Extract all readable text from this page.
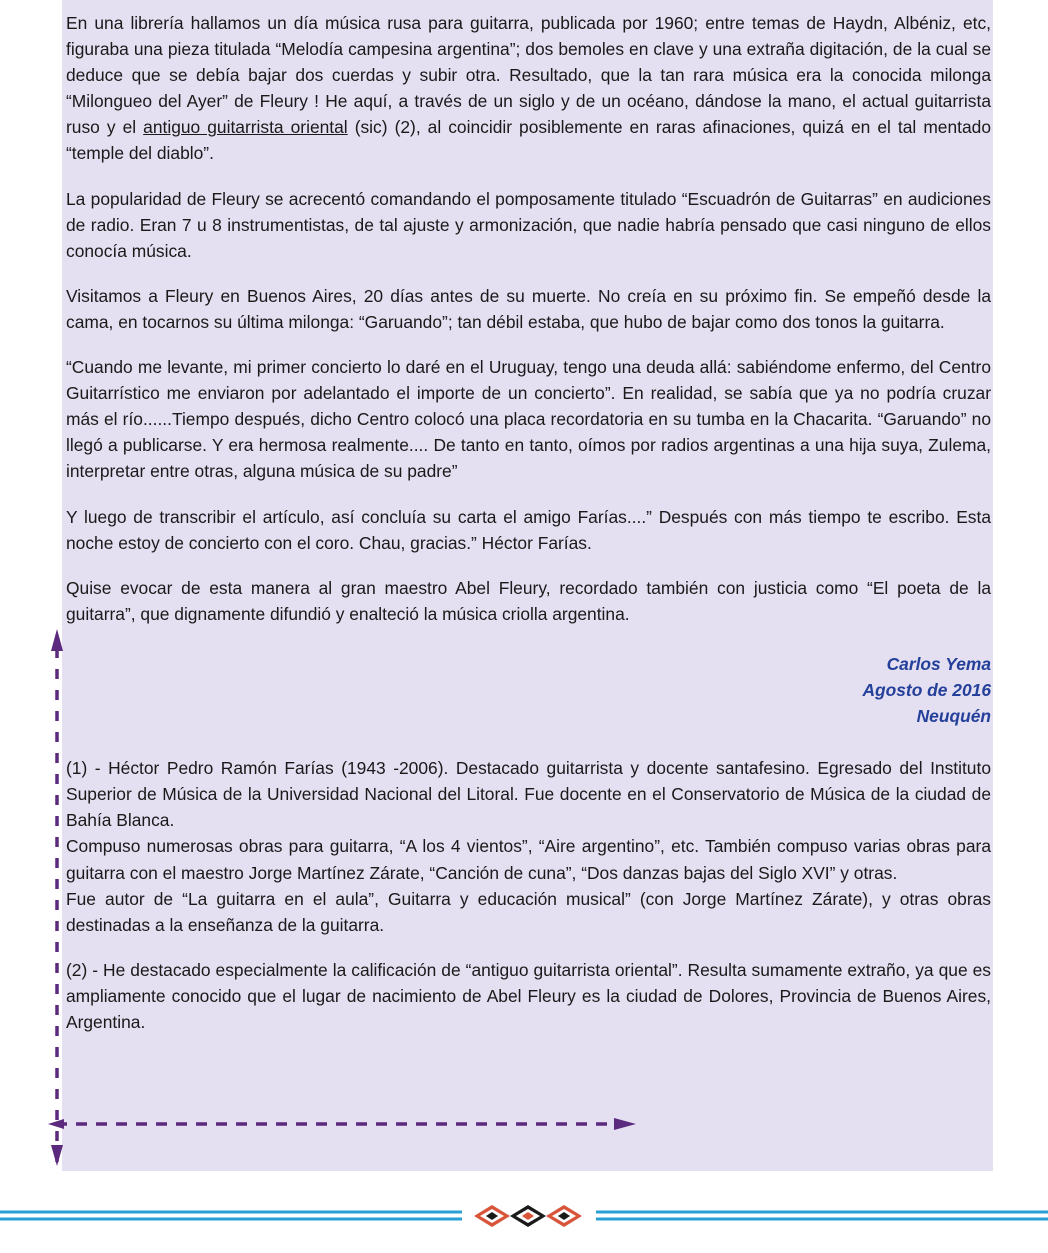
En una librería hallamos un día música rusa para guitarra, publicada por 1960; entre temas de Haydn, Albéniz, etc, figuraba una pieza titulada “Melodía campesina argentina”; dos bemoles en clave y una extraña digitación, de la cual se deduce que se debía bajar dos cuerdas y subir otra. Resultado, que la tan rara música era la conocida milonga “Milongueo del Ayer” de Fleury ! He aquí, a través de un siglo y de un océano, dándose la mano, el actual guitarrista ruso y el antiguo guitarrista oriental (sic) (2), al coincidir posiblemente en raras afinaciones, quizá en el tal mentado “temple del diablo”.

La popularidad de Fleury se acrecentó comandando el pomposamente titulado “Escuadrón de Guitarras” en audiciones de radio. Eran 7 u 8 instrumentistas, de tal ajuste y armonización, que nadie habría pensado que casi ninguno de ellos conocía música.

Visitamos a Fleury en Buenos Aires, 20 días antes de su muerte. No creía en su próximo fin. Se empeñó desde la cama, en tocarnos su última milonga: “Garuando”; tan débil estaba, que hubo de bajar como dos tonos la guitarra.

“Cuando me levante, mi primer concierto lo daré en el Uruguay, tengo una deuda allá: sabiéndome enfermo, del Centro Guitarrístico me enviaron por adelantado el importe de un concierto”. En realidad, se sabía que ya no podría cruzar más el río......Tiempo después, dicho Centro colocó una placa recordatoria en su tumba en la Chacarita. “Garuando” no llegó a publicarse. Y era hermosa realmente.... De tanto en tanto, oímos por radios argentinas a una hija suya, Zulema, interpretar entre otras, alguna música de su padre”

Y luego de transcribir el artículo, así concluía su carta el amigo Farías....” Después con más tiempo te escribo. Esta noche estoy de concierto con el coro. Chau, gracias.” Héctor Farías.

Quise evocar de esta manera al gran maestro Abel Fleury, recordado también con justicia como “El poeta de la guitarra”, que dignamente difundió y enalteció la música criolla argentina.

Carlos Yema
Agosto de 2016
Neuquén

(1) - Héctor Pedro Ramón Farías (1943 -2006). Destacado guitarrista y docente santafesino. Egresado del Instituto Superior de Música de la Universidad Nacional del Litoral. Fue docente en el Conservatorio de Música de la ciudad de Bahía Blanca.

Compuso numerosas obras para guitarra, “A los 4 vientos”, “Aire argentino”, etc. También compuso varias obras para guitarra con el maestro Jorge Martínez Zárate, “Canción de cuna”, “Dos danzas bajas del Siglo XVI” y otras.

Fue autor de “La guitarra en el aula”, Guitarra y educación musical” (con Jorge Martínez Zárate), y otras obras destinadas a la enseñanza de la guitarra.

(2) - He destacado especialmente la calificación de “antiguo guitarrista oriental”. Resulta sumamente extraño, ya que es ampliamente conocido que el lugar de nacimiento de Abel Fleury es la ciudad de Dolores, Provincia de Buenos Aires, Argentina.
